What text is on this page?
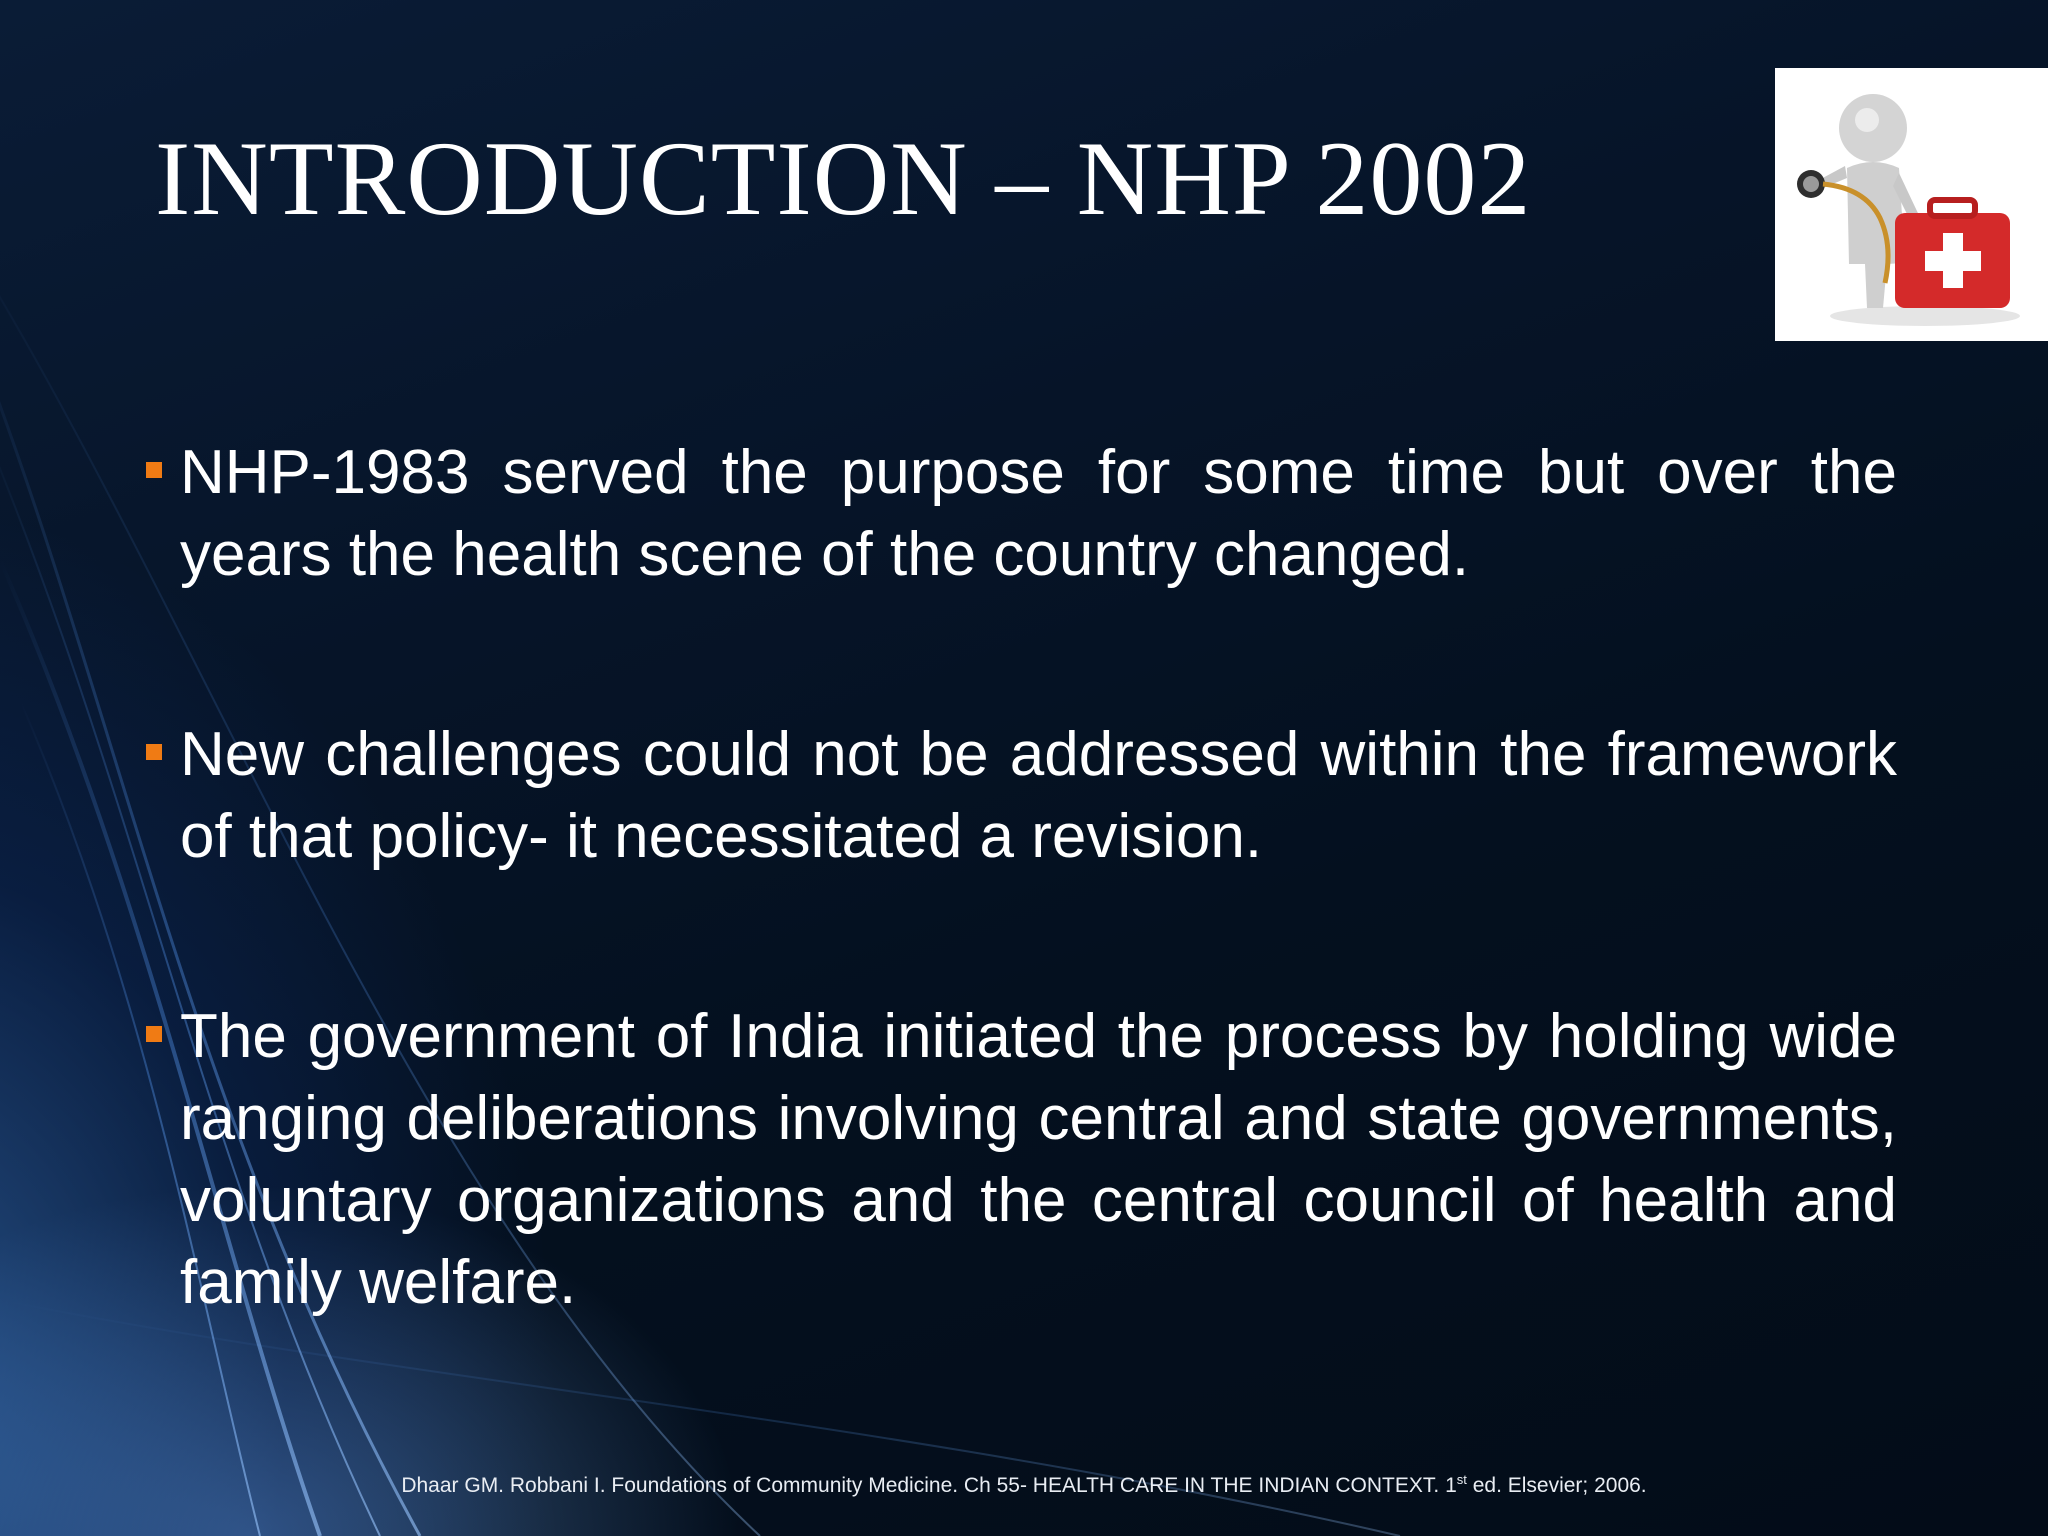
INTRODUCTION – NHP 2002
NHP-1983 served the purpose for some time but over the years the health scene of the country changed.
New challenges could not be addressed within the framework of that policy- it necessitated a revision.
The government of India initiated the process by holding wide ranging deliberations involving central and state governments, voluntary organizations and the central council of health and family welfare.
Dhaar GM. Robbani I. Foundations of Community Medicine. Ch 55- HEALTH CARE IN THE INDIAN CONTEXT. 1st ed. Elsevier; 2006.
